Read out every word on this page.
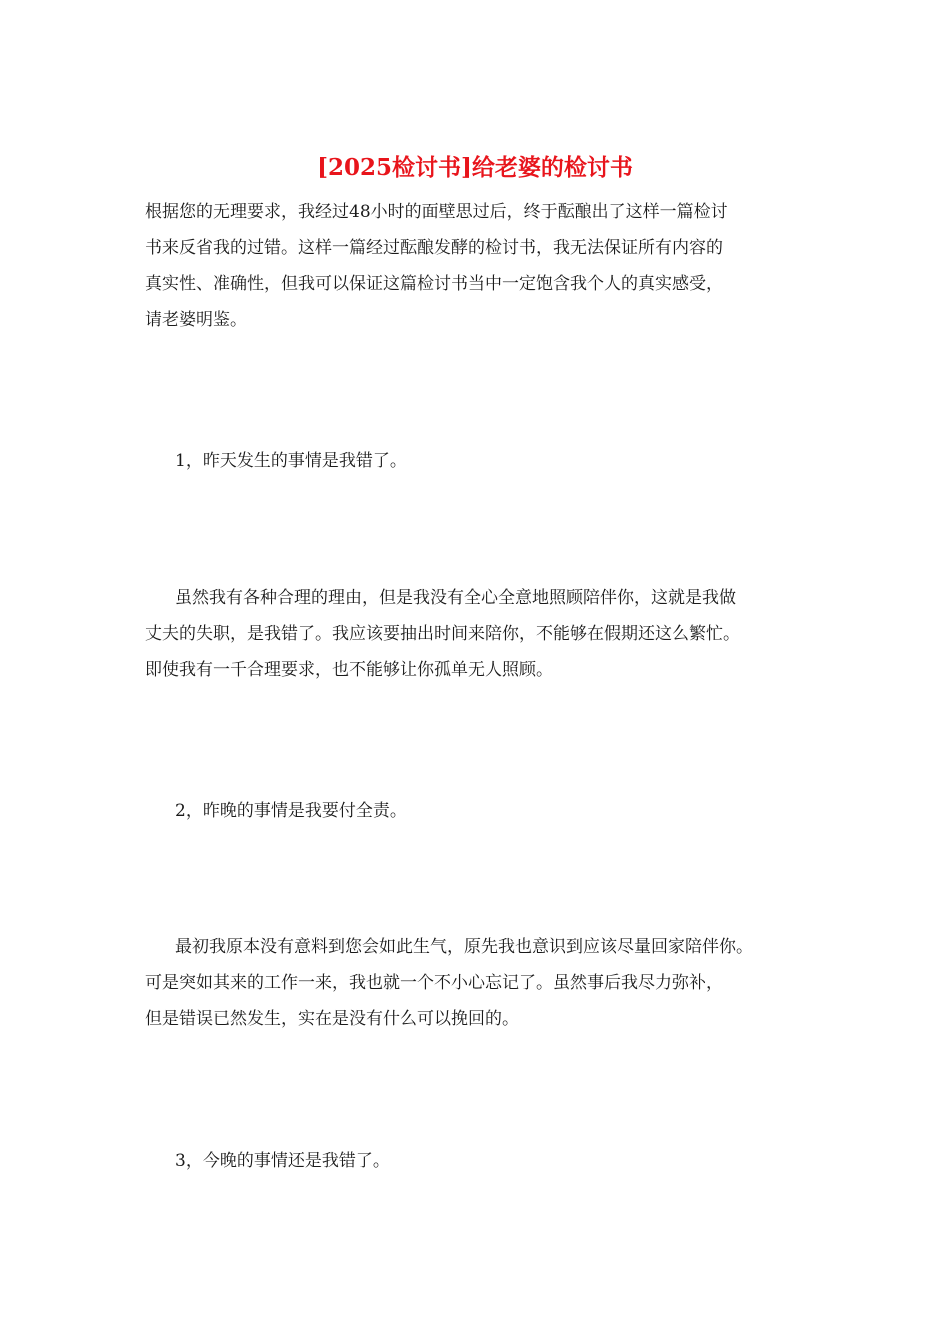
[2025检讨书]给老婆的检讨书

根据您的无理要求，我经过48小时的面壁思过后，终于酝酿出了这样一篇检讨
书来反省我的过错。这样一篇经过酝酿发酵的检讨书，我无法保证所有内容的
真实性、准确性，但我可以保证这篇检讨书当中一定饱含我个人的真实感受，
请老婆明鉴。

1，昨天发生的事情是我错了。

虽然我有各种合理的理由，但是我没有全心全意地照顾陪伴你，这就是我做
丈夫的失职，是我错了。我应该要抽出时间来陪你，不能够在假期还这么繁忙。
即使我有一千合理要求，也不能够让你孤单无人照顾。

2，昨晚的事情是我要付全责。

最初我原本没有意料到您会如此生气，原先我也意识到应该尽量回家陪伴你。
可是突如其来的工作一来，我也就一个不小心忘记了。虽然事后我尽力弥补，
但是错误已然发生，实在是没有什么可以挽回的。

3，今晚的事情还是我错了。
